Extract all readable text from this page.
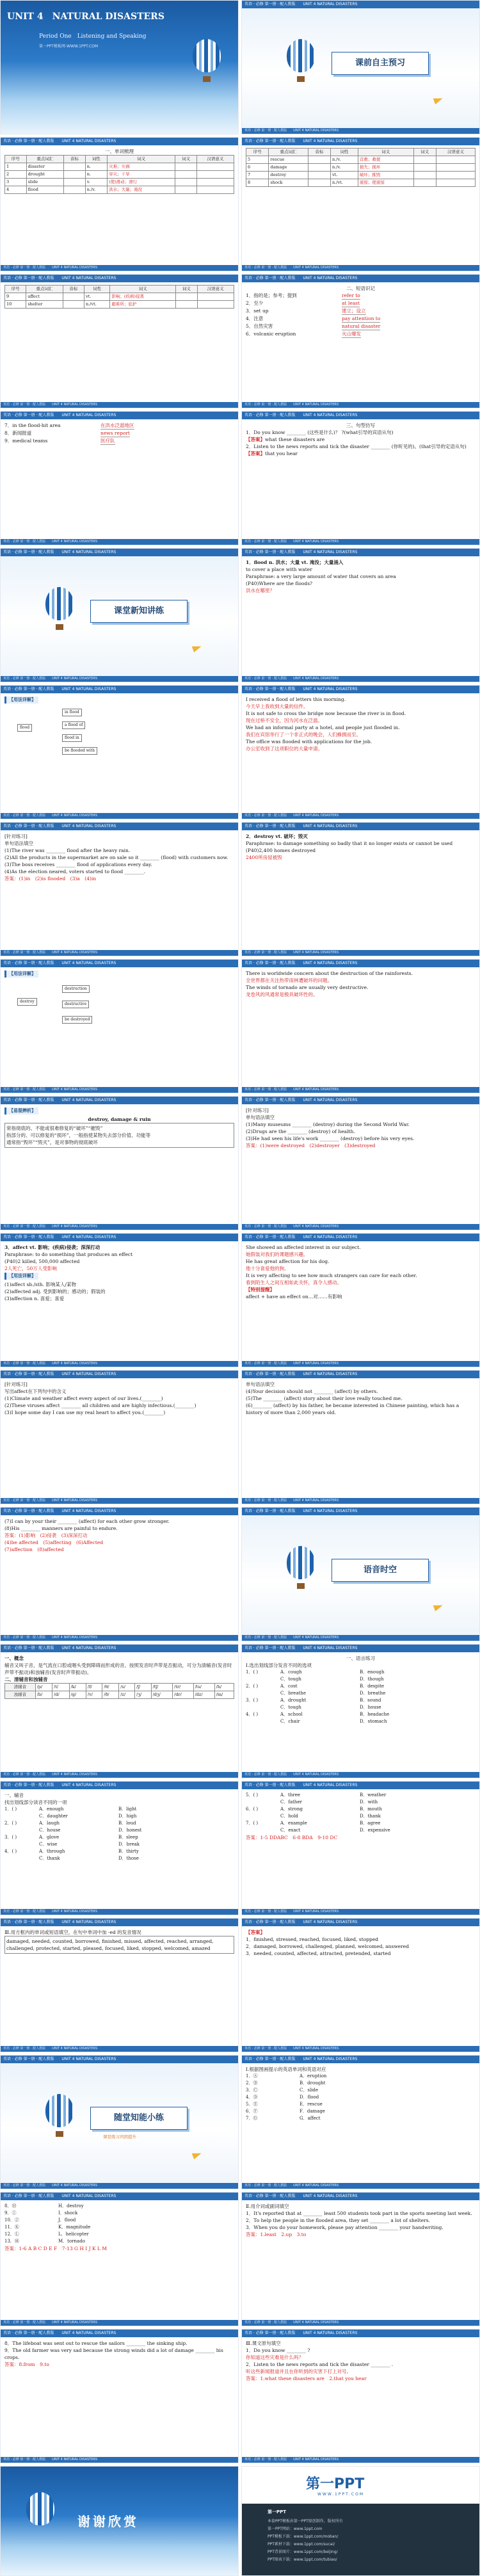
UNIT 4　NATURAL DISASTERS
Period One　Listening and Speaking
第一PPT模板网-WWW.1PPT.COM
英语 · 必修 第一册 · 配人教版　　 UNIT 4 NATURAL DISASTERS
课前自主预习
英语 · 必修 第一册 · 配人教版　　 UNIT 4 NATURAL DISASTERS
英语 · 必修 第一册 · 配人教版　　 UNIT 4 NATURAL DISASTERS
一、单词梳理
序号	重点词汇	音标	词性	词义	词义	汉语意义
1	disaster		n.	灾难；灾祸		
2	drought		n.	旱灾；干旱		
3	slide		v.	(使)滑动；滑行		
4	flood		n./v.	洪水；大量；淹没		
英语 · 必修 第一册 · 配人教版　　 UNIT 4 NATURAL DISASTERS
英语 · 必修 第一册 · 配人教版　　 UNIT 4 NATURAL DISASTERS
序号	重点词汇	音标	词性	词义	词义	汉语意义
5	rescue		n./v.	营救；救援		
6	damage		n./v.	损失；损坏		
7	destroy		vt.	破坏；摧毁		
8	shock		n./vt.	震惊；使震惊		
英语 · 必修 第一册 · 配人教版　　 UNIT 4 NATURAL DISASTERS
英语 · 必修 第一册 · 配人教版　　 UNIT 4 NATURAL DISASTERS
序号	重点词汇	音标	词性	词义	词义	汉语意义
9	affect		vt.	影响；(疾病)侵袭		
10	shelter		n./vt.	避难所；庇护		
英语 · 必修 第一册 · 配人教版　　 UNIT 4 NATURAL DISASTERS
英语 · 必修 第一册 · 配人教版　　 UNIT 4 NATURAL DISASTERS
二、短语识记
1．指的是；参考；提到	refer to
2．至少	at least
3．set up	建立；设立
4．注意	pay attention to
5．自然灾害	natural disaster
6．volcanic eruption	火山爆发
英语 · 必修 第一册 · 配人教版　　 UNIT 4 NATURAL DISASTERS
英语 · 必修 第一册 · 配人教版　　 UNIT 4 NATURAL DISASTERS
7．in the flood-hit area	在洪水泛滥地区
8．新闻报道	news report
9．medical teams	医疗队
英语 · 必修 第一册 · 配人教版　　 UNIT 4 NATURAL DISASTERS
英语 · 必修 第一册 · 配人教版　　 UNIT 4 NATURAL DISASTERS
三、句型仿写

1．Do you know ________ (这些是什么)？ ?(what引导的宾语从句)

【答案】what these disasters are

2．Listen to the news reports and tick the disaster ________ (你听见的)。(that引导的定语从句)

【答案】that you hear

英语 · 必修 第一册 · 配人教版　　 UNIT 4 NATURAL DISASTERS
英语 · 必修 第一册 · 配人教版　　 UNIT 4 NATURAL DISASTERS
课堂新知讲练
英语 · 必修 第一册 · 配人教版　　 UNIT 4 NATURAL DISASTERS
英语 · 必修 第一册 · 配人教版　　 UNIT 4 NATURAL DISASTERS

1．flood n. 洪水；大量 vt. 淹没；大量涌入

to cover a place with water

Paraphrase: a very large amount of water that covers an area

(P40)Where are the floods?

洪水在哪里？

英语 · 必修 第一册 · 配人教版　　 UNIT 4 NATURAL DISASTERS
英语 · 必修 第一册 · 配人教版　　 UNIT 4 NATURAL DISASTERS
【用法详解】
flood
in flood
a flood of
flood in
be flooded with
英语 · 必修 第一册 · 配人教版　　 UNIT 4 NATURAL DISASTERS
英语 · 必修 第一册 · 配人教版　　 UNIT 4 NATURAL DISASTERS

I received a flood of letters this morning.

今天早上我收到大量的信件。

It is not safe to cross the bridge now because the river is in flood.

现在过桥不安全，因为河水在泛滥。

We had an informal party at a hotel, and people just flooded in.

我们在宾馆举行了一个非正式的晚会，人们蜂拥而至。

The office was flooded with applications for the job.

办公室收到了这项职位的大量申请。

英语 · 必修 第一册 · 配人教版　　 UNIT 4 NATURAL DISASTERS
英语 · 必修 第一册 · 配人教版　　 UNIT 4 NATURAL DISASTERS

[针对练习]

单句语法填空

(1)The river was ________ flood after the heavy rain.

(2)All the products in the supermarket are on sale so it ________ (flood) with customers now.

(3)The boss receives ________ flood of applications every day.

(4)As the election neared, voters started to flood ________.

答案：(1)in　(2)is flooded　(3)a　(4)in

英语 · 必修 第一册 · 配人教版　　 UNIT 4 NATURAL DISASTERS
英语 · 必修 第一册 · 配人教版　　 UNIT 4 NATURAL DISASTERS

2．destroy vt. 破坏；毁灭

Paraphrase: to damage something so badly that it no longer exists or cannot be used

(P40)2,400 homes destroyed

2400所房屋被毁

英语 · 必修 第一册 · 配人教版　　 UNIT 4 NATURAL DISASTERS
英语 · 必修 第一册 · 配人教版　　 UNIT 4 NATURAL DISASTERS
【用法详解】
destroy
destruction
destructive
be destroyed
英语 · 必修 第一册 · 配人教版　　 UNIT 4 NATURAL DISASTERS
英语 · 必修 第一册 · 配人教版　　 UNIT 4 NATURAL DISASTERS

There is worldwide concern about the destruction of the rainforests.

全世界都在关注热带雨林遭破坏的问题。

The winds of tornado are usually very destructive.

龙卷风的风通常是极具破坏性的。

英语 · 必修 第一册 · 配人教版　　 UNIT 4 NATURAL DISASTERS
英语 · 必修 第一册 · 配人教版　　 UNIT 4 NATURAL DISASTERS
【易混辨析】

destroy, damage & ruin

常指彻底的、不能或很难修复的“破坏”“摧毁”

指部分的、可以修复的“损坏”，一般指使某物失去部分价值、功能等

通常指“毁坏”“毁灭”，是对事物的彻底破坏

英语 · 必修 第一册 · 配人教版　　 UNIT 4 NATURAL DISASTERS
英语 · 必修 第一册 · 配人教版　　 UNIT 4 NATURAL DISASTERS

[针对练习]

单句语法填空

(1)Many museums ________ (destroy) during the Second World War.

(2)Drugs are the ________ (destroy) of health.

(3)He had seen his life's work ________ (destroy) before his very eyes.

答案：(1)were destroyed　(2)destroyer　(3)destroyed

英语 · 必修 第一册 · 配人教版　　 UNIT 4 NATURAL DISASTERS
英语 · 必修 第一册 · 配人教版　　 UNIT 4 NATURAL DISASTERS

3．affect vt. 影响；(疾病)侵袭；深深打动

Paraphrase: to do something that produces an effect

(P40)2 killed, 500,000 affected

2人死亡，50万人受影响

【用法详解】

(1)affect sb./sth. 影响某人/某物

(2)affected adj. 受到影响的；感动的；假装的

(3)affection n. 喜爱；喜爱

英语 · 必修 第一册 · 配人教版　　 UNIT 4 NATURAL DISASTERS
英语 · 必修 第一册 · 配人教版　　 UNIT 4 NATURAL DISASTERS

She showed an affected interest in our subject.

她假装对我们的课题感兴趣。

He has great affection for his dog.

他十分喜爱他的狗。

It is very affecting to see how much strangers can care for each other.

看到陌生人之间互相如此关怀，真令人感动。

【特别提醒】

affect + have an effect on…对……有影响

英语 · 必修 第一册 · 配人教版　　 UNIT 4 NATURAL DISASTERS
英语 · 必修 第一册 · 配人教版　　 UNIT 4 NATURAL DISASTERS

[针对练习]

写出affect在下列句中的含义

(1)Climate and weather affect every aspect of our lives.(________)

(2)These viruses affect ________ all children and are highly infectious.(________)

(3)I hope some day I can use my real heart to affect you.(________)

英语 · 必修 第一册 · 配人教版　　 UNIT 4 NATURAL DISASTERS
英语 · 必修 第一册 · 配人教版　　 UNIT 4 NATURAL DISASTERS

单句语法填空

(4)Your decision should not ________ (affect) by others.

(5)The ________ (affect) story about their love really touched me.

(6)________ (affect) by his father, he became interested in Chinese painting, which has a history of more than 2,000 years old.

英语 · 必修 第一册 · 配人教版　　 UNIT 4 NATURAL DISASTERS
英语 · 必修 第一册 · 配人教版　　 UNIT 4 NATURAL DISASTERS

(7)I can by your their ________ (affect) for each other grow stronger.

(8)His ________ manners are painful to endure.

答案：(1)影响　(2)侵袭　(3)深深打动

(4)be affected　(5)affecting　(6)Affected

(7)affection　(8)affected

英语 · 必修 第一册 · 配人教版　　 UNIT 4 NATURAL DISASTERS
英语 · 必修 第一册 · 配人教版　　 UNIT 4 NATURAL DISASTERS
语音时空
英语 · 必修 第一册 · 配人教版　　 UNIT 4 NATURAL DISASTERS
英语 · 必修 第一册 · 配人教版　　 UNIT 4 NATURAL DISASTERS

一、概念

辅音又叫子音，是气流在口腔或咽头受到障碍而形成的音。按照发音时声带是否振动，可分为清辅音(发音时声带不振动)和浊辅音(发音时声带振动)。

二、清辅音和浊辅音

清辅音	/p/	/t/	/k/	/f/	/θ/	/s/	/ʃ/	/tʃ/	/tr/	/ts/	/h/
浊辅音	/b/	/d/	/g/	/v/	/ð/	/z/	/ʒ/	/dʒ/	/dr/	/dz/	/m/
英语 · 必修 第一册 · 配人教版　　 UNIT 4 NATURAL DISASTERS
英语 · 必修 第一册 · 配人教版　　 UNIT 4 NATURAL DISASTERS

一、语言练习

Ⅰ.选出划线部分发音不同的选项

1．( )	A．cough	B．enough
C．tough	D．though
2．( )	A．cost	B．despite
C．breathe	D．breathe
3．( )	A．drought	B．sound
C．tough	D．house
4．( )	A．school	B．headache
C．chair	D．stomach
英语 · 必修 第一册 · 配人教版　　 UNIT 4 NATURAL DISASTERS
英语 · 必修 第一册 · 配人教版　　 UNIT 4 NATURAL DISASTERS

一、辅音

找出划线部分读音不同的一项

1．( )	A．enough	B．light
C．daughter	D．high
2．( )	A．laugh	B．loud
C．house	D．honest
3．( )	A．glove	B．sleep
C．wise	D．break
4．( )	A．through	B．thirty
C．thank	D．those
英语 · 必修 第一册 · 配人教版　　 UNIT 4 NATURAL DISASTERS
英语 · 必修 第一册 · 配人教版　　 UNIT 4 NATURAL DISASTERS
5．( )	A．three	B．weather
C．father	D．with
6．( )	A．strong	B．mouth
C．hold	D．thank
7．( )	A．example	B．agree
C．exact	D．expensive

答案：1-5 DDABC　6-8 BDA　9-10 DC

英语 · 必修 第一册 · 配人教版　　 UNIT 4 NATURAL DISASTERS
英语 · 必修 第一册 · 配人教版　　 UNIT 4 NATURAL DISASTERS

Ⅲ.用方框内的单词或短语填空，在句中单词中加 -ed 的发音情况

damaged, needed, counted, borrowed, finished, missed, affected, reached, arranged, challenged, protected, started, pleased, focused, liked, stopped, welcomed, amazed

英语 · 必修 第一册 · 配人教版　　 UNIT 4 NATURAL DISASTERS
英语 · 必修 第一册 · 配人教版　　 UNIT 4 NATURAL DISASTERS

【答案】

1．finished, stressed, reached, focused, liked, stopped

2．damaged, borrowed, challenged, planned, welcomed, answered

3．needed, counted, affected, attracted, pretended, started

英语 · 必修 第一册 · 配人教版　　 UNIT 4 NATURAL DISASTERS
英语 · 必修 第一册 · 配人教版　　 UNIT 4 NATURAL DISASTERS
随堂知能小练
课堂练习巩固提升
英语 · 必修 第一册 · 配人教版　　 UNIT 4 NATURAL DISASTERS
英语 · 必修 第一册 · 配人教版　　 UNIT 4 NATURAL DISASTERS

Ⅰ.根据图画提示的英语单词和英语对应

1．Ⓐ	A．eruption
2．Ⓑ	B．drought
3．Ⓒ	C．slide
4．Ⓓ	D．flood
5．Ⓔ	E．rescue
6．Ⓕ	F．damage
7．Ⓖ	G．affect
英语 · 必修 第一册 · 配人教版　　 UNIT 4 NATURAL DISASTERS
英语 · 必修 第一册 · 配人教版　　 UNIT 4 NATURAL DISASTERS
8．Ⓗ	H．destroy
9．Ⓘ	I．shock
10．Ⓙ	J．flood
11．Ⓚ	K．magnitude
12．Ⓛ	L．helicopter
13．Ⓜ	M．tornado

答案：1-6 A B C D E F　7-13 G H I J K L M

英语 · 必修 第一册 · 配人教版　　 UNIT 4 NATURAL DISASTERS
英语 · 必修 第一册 · 配人教版　　 UNIT 4 NATURAL DISASTERS

Ⅱ.用介词或副词填空

1．It's reported that at ________ least 500 students took part in the sports meeting last week.

2．To help the people in the flooded area, they set ________ a lot of shelters.

3．When you do your homework, please pay attention ________ your handwriting.

答案：1.least　2.up　3.to

英语 · 必修 第一册 · 配人教版　　 UNIT 4 NATURAL DISASTERS
英语 · 必修 第一册 · 配人教版　　 UNIT 4 NATURAL DISASTERS

8．The lifeboat was sent out to rescue the sailors ________ the sinking ship.

9．The old farmer was very sad because the strong winds did a lot of damage ________ his crops.

答案：8.from　9.to

英语 · 必修 第一册 · 配人教版　　 UNIT 4 NATURAL DISASTERS
英语 · 必修 第一册 · 配人教版　　 UNIT 4 NATURAL DISASTERS

Ⅲ.课文原句填空

1．Do you know ________ ?

你知道这些灾难是什么吗？

2．Listen to the news reports and tick the disaster ________ .

听这些新闻报道并且在你听到的灾害下打上对号。

答案：1.what these disasters are　2.that you hear

英语 · 必修 第一册 · 配人教版　　 UNIT 4 NATURAL DISASTERS
谢谢欣赏
第一PPT
WWW.1PPT.COM
第一PPT
本套PPT模板由第一PPT原创制作，版权所有
第一PPT网站：www.1ppt.com
PPT模板下载：www.1ppt.com/moban/
PPT素材下载：www.1ppt.com/sucai/
PPT背景图片：www.1ppt.com/beijing/
PPT图表下载：www.1ppt.com/tubiao/
